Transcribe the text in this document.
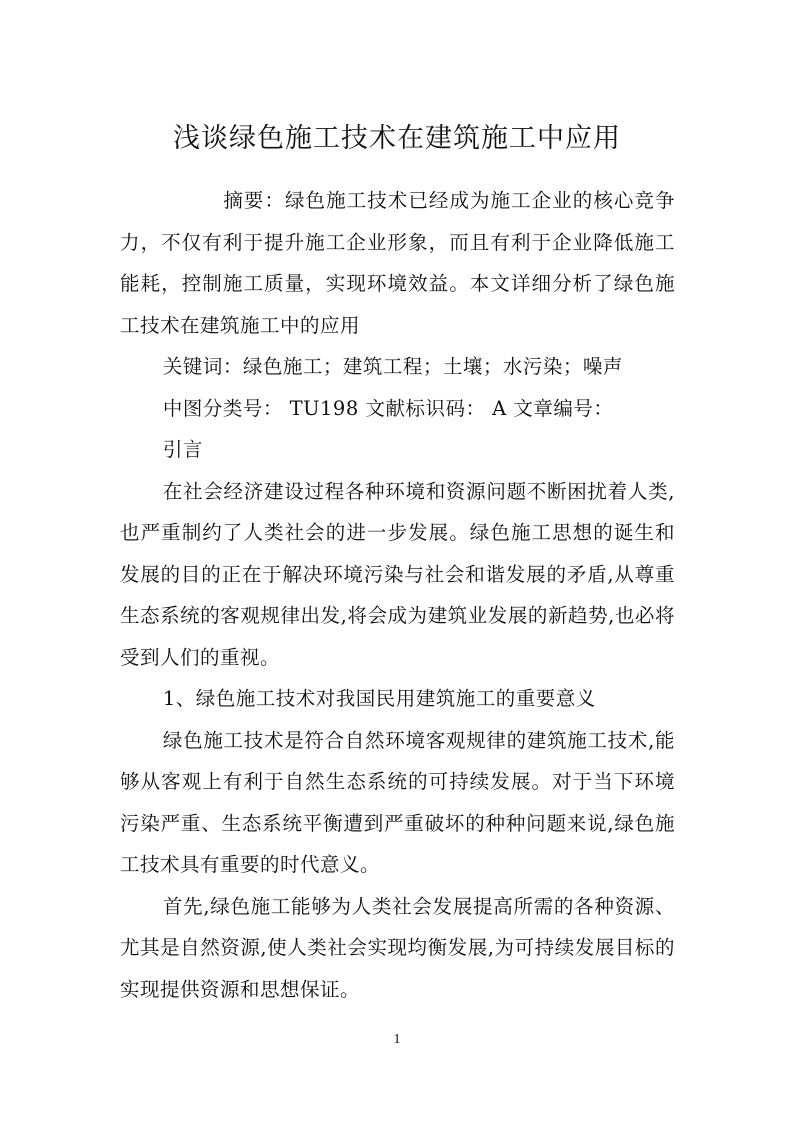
浅谈绿色施工技术在建筑施工中应用

摘要：绿色施工技术已经成为施工企业的核心竞争力，不仅有利于提升施工企业形象，而且有利于企业降低施工能耗，控制施工质量，实现环境效益。本文详细分析了绿色施工技术在建筑施工中的应用

关键词：绿色施工；建筑工程；土壤；水污染；噪声

中图分类号： TU198 文献标识码： A 文章编号：

引言

在社会经济建设过程各种环境和资源问题不断困扰着人类,也严重制约了人类社会的进一步发展。绿色施工思想的诞生和发展的目的正在于解决环境污染与社会和谐发展的矛盾,从尊重生态系统的客观规律出发,将会成为建筑业发展的新趋势,也必将受到人们的重视。

1、绿色施工技术对我国民用建筑施工的重要意义

绿色施工技术是符合自然环境客观规律的建筑施工技术,能够从客观上有利于自然生态系统的可持续发展。对于当下环境污染严重、生态系统平衡遭到严重破坏的种种问题来说,绿色施工技术具有重要的时代意义。

首先,绿色施工能够为人类社会发展提高所需的各种资源、尤其是自然资源,使人类社会实现均衡发展,为可持续发展目标的实现提供资源和思想保证。

1
